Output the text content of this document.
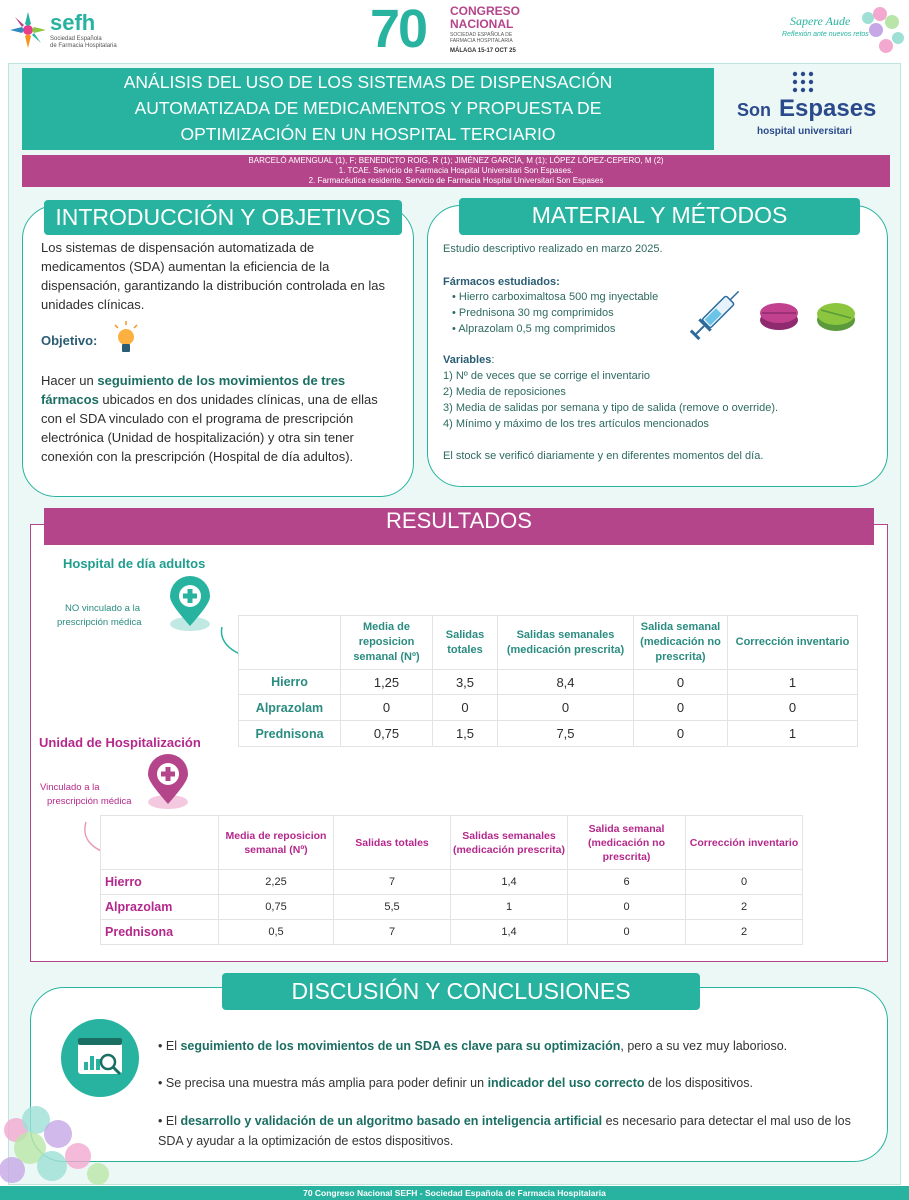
sefh
Sociedad Española
de Farmacia Hospitalaria	70 CONGRESO
NACIONAL
SOCIEDAD ESPAÑOLA DE
FARMACIA HOSPITALARIA
MÁLAGA 15-17 OCT 25
Sapere Aude
Reflexión ante nuevos retos
ANÁLISIS DEL USO DE LOS SISTEMAS DE DISPENSACIÓN
AUTOMATIZADA DE MEDICAMENTOS Y PROPUESTA DE
OPTIMIZACIÓN EN UN HOSPITAL TERCIARIO
Son Espases
hospital universitari
BARCELÓ AMENGUAL (1), F; BENEDICTO ROIG, R (1); JIMÉNEZ GARCÍA, M (1); LÓPEZ LÓPEZ-CEPERO, M (2)
1. TCAE. Servicio de Farmacia Hospital Universitari Son Espases.
2. Farmacéutica residente. Servicio de Farmacia Hospital Universitari Son Espases
INTRODUCCIÓN Y OBJETIVOS
Los sistemas de dispensación automatizada de medicamentos (SDA) aumentan la eficiencia de la dispensación, garantizando la distribución controlada en las unidades clínicas.
Objetivo:
Hacer un seguimiento de los movimientos de tres fármacos ubicados en dos unidades clínicas, una de ellas con el SDA vinculado con el programa de prescripción electrónica (Unidad de hospitalización) y otra sin tener conexión con la prescripción (Hospital de día adultos).
MATERIAL Y MÉTODOS
Estudio descriptivo realizado en marzo 2025.
Fármacos estudiados:
• Hierro carboximaltosa 500 mg inyectable
• Prednisona 30 mg comprimidos
• Alprazolam 0,5 mg comprimidos
Variables:
1) Nº de veces que se corrige el inventario
2) Media de reposiciones
3) Media de salidas por semana y tipo de salida (remove o override).
4) Mínimo y máximo de los tres artículos mencionados
El stock se verificó diariamente y en diferentes momentos del día.
RESULTADOS
Hospital de día adultos
NO vinculado a la
prescripción médica
		Media de reposicion semanal (Nº)	Salidas totales	Salidas semanales (medicación prescrita)	Salida semanal (medicación no prescrita)	Corrección inventario
Hierro	1,25	3,5	8,4	0	1
Alprazolam	0	0	0	0	0
Prednisona	0,75	1,5	7,5	0	1
Unidad de Hospitalización
Vinculado a la
prescripción médica
	Media de reposicion semanal (Nº)	Salidas totales	Salidas semanales (medicación prescrita)	Salida semanal (medicación no prescrita)	Corrección inventario
Hierro	2,25	7	1,4	6	0
Alprazolam	0,75	5,5	1	0	2
Prednisona	0,5	7	1,4	0	2
DISCUSIÓN Y CONCLUSIONES
• El seguimiento de los movimientos de un SDA es clave para su optimización, pero a su vez muy laborioso.
• Se precisa una muestra más amplia para poder definir un indicador del uso correcto de los dispositivos.
• El desarrollo y validación de un algoritmo basado en inteligencia artificial es necesario para detectar el mal uso de los SDA y ayudar a la optimización de estos dispositivos.
70 Congreso Nacional SEFH - Sociedad Española de Farmacia Hospitalaria
